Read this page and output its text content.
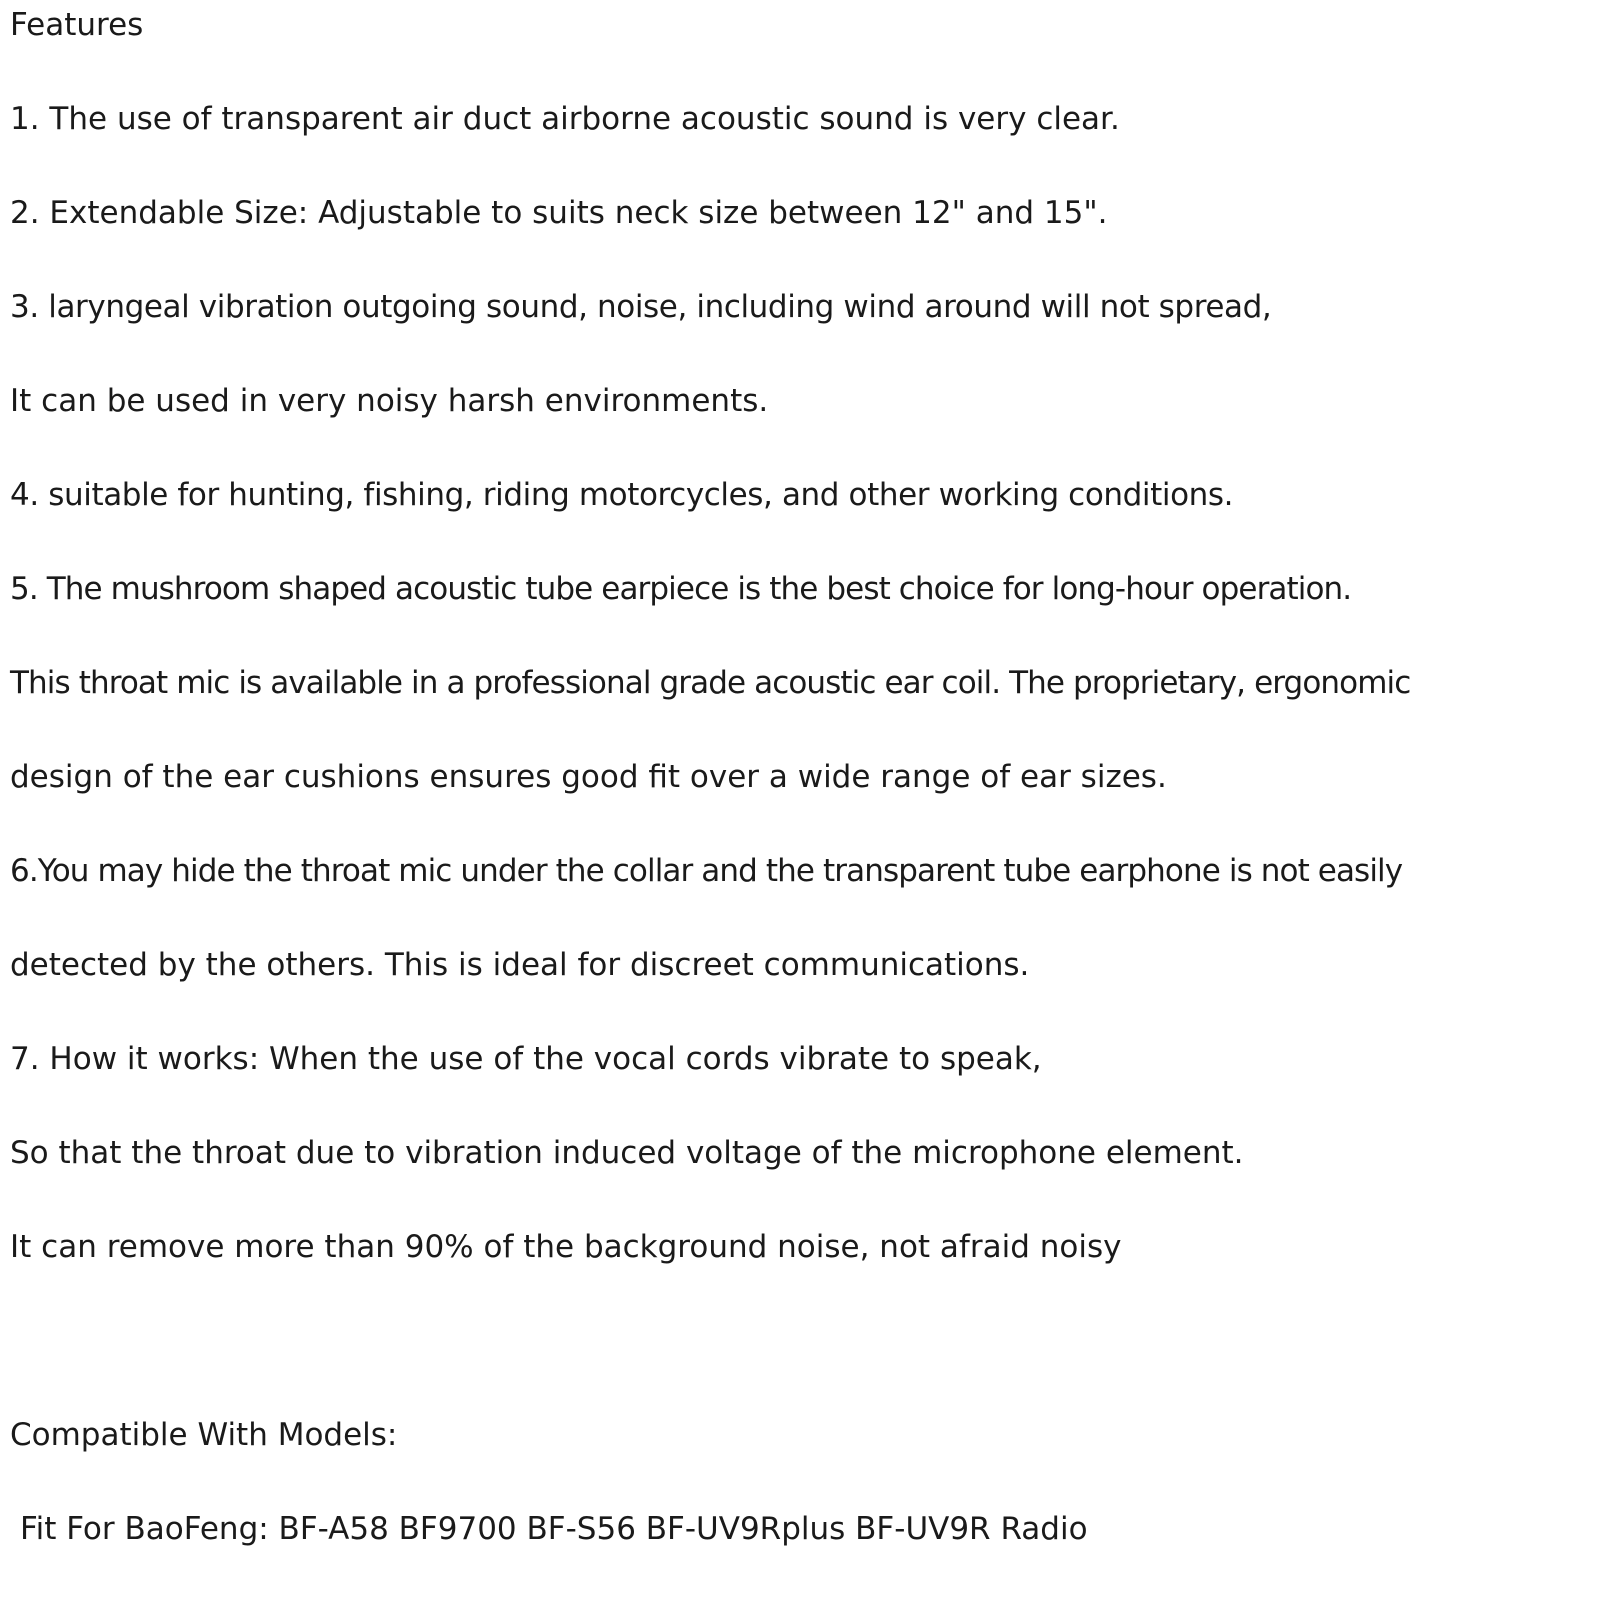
Features

1. The use of transparent air duct airborne acoustic sound is very clear.

2. Extendable Size: Adjustable to suits neck size between 12" and 15".

3. laryngeal vibration outgoing sound, noise, including wind around will not spread,

It can be used in very noisy harsh environments.

4. suitable for hunting, fishing, riding motorcycles, and other working conditions.

5. The mushroom shaped acoustic tube earpiece is the best choice for long-hour operation.

This throat mic is available in a professional grade acoustic ear coil. The proprietary, ergonomic

design of the ear cushions ensures good fit over a wide range of ear sizes.

6.You may hide the throat mic under the collar and the transparent tube earphone is not easily

detected by the others. This is ideal for discreet communications.

7. How it works: When the use of the vocal cords vibrate to speak,

So that the throat due to vibration induced voltage of the microphone element.

It can remove more than 90% of the background noise, not afraid noisy

Compatible With Models:

Fit For BaoFeng: BF-A58 BF9700 BF-S56 BF-UV9Rplus BF-UV9R Radio
